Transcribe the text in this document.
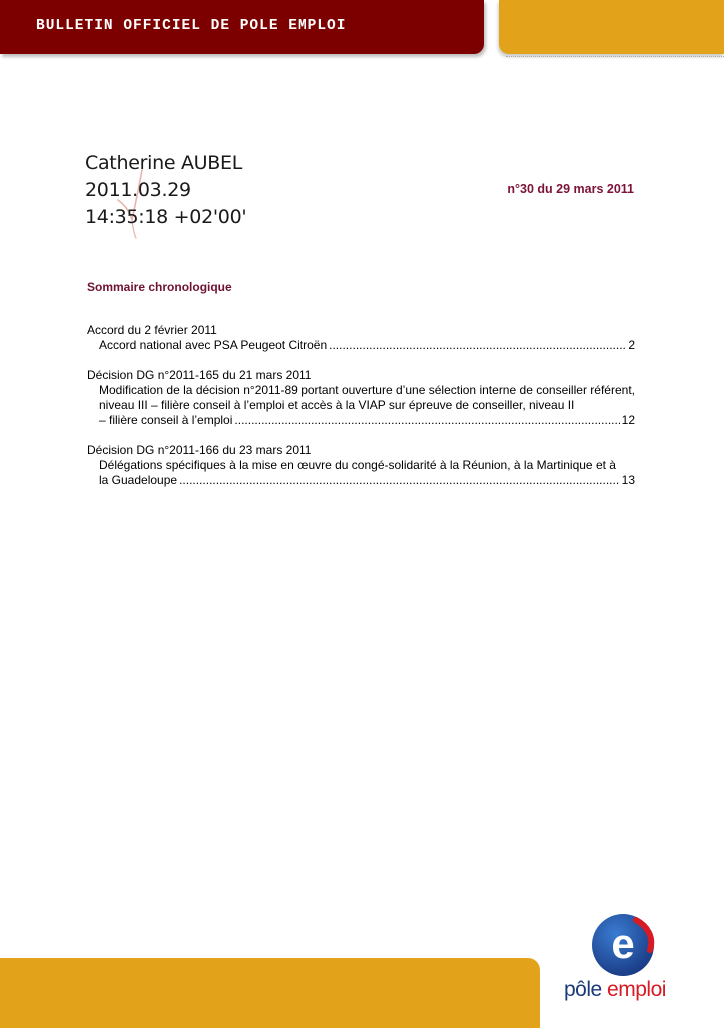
BULLETIN OFFICIEL DE POLE EMPLOI
Catherine AUBEL
2011.03.29
14:35:18 +02'00'
n°30 du 29 mars 2011
Sommaire chronologique
Accord du 2 février 2011
Accord national avec PSA Peugeot Citroën .....	2
Décision DG n°2011-165 du 21 mars 2011
Modification de la décision n°2011-89 portant ouverture d’une sélection interne de conseiller référent, niveau III – filière conseil à l’emploi et accès à la VIAP sur épreuve de conseiller, niveau II
– filière conseil à l’emploi .....	12
Décision DG n°2011-166 du 23 mars 2011
Délégations spécifiques à la mise en œuvre du congé-solidarité à la Réunion, à la Martinique et à
la Guadeloupe .....	13
e
pôle emploi
